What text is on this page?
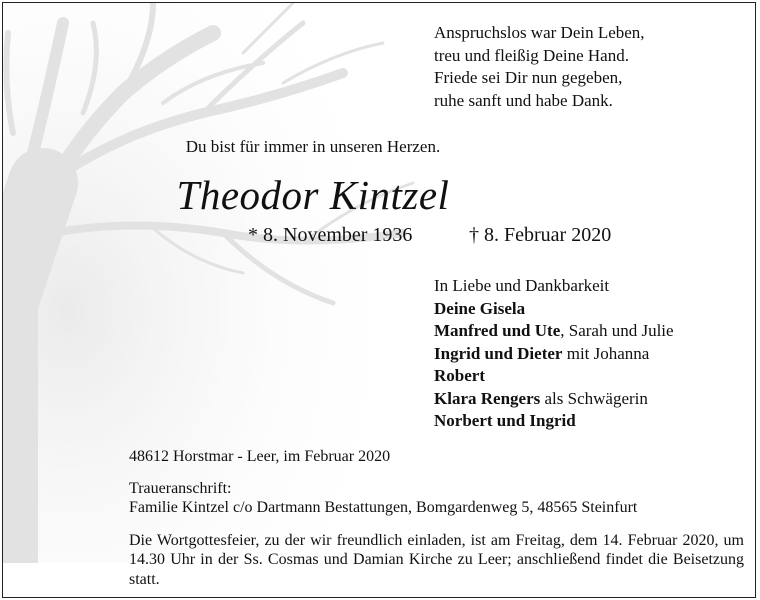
Anspruchslos war Dein Leben,
treu und fleißig Deine Hand.
Friede sei Dir nun gegeben,
ruhe sanft und habe Dank.
Du bist für immer in unseren Herzen.
Theodor Kintzel
* 8. November 1936	† 8. Februar 2020
In Liebe und Dankbarkeit
Deine Gisela
Manfred und Ute, Sarah und Julie
Ingrid und Dieter mit Johanna
Robert
Klara Rengers als Schwägerin
Norbert und Ingrid

48612 Horstmar - Leer, im Februar 2020

Traueranschrift:

Familie Kintzel c/o Dartmann Bestattungen, Bomgardenweg 5, 48565 Steinfurt

Die Wortgottesfeier, zu der wir freundlich einladen, ist am Freitag, dem 14. Februar 2020, um 14.30 Uhr in der Ss. Cosmas und Damian Kirche zu Leer; anschließend findet die Beisetzung statt.
